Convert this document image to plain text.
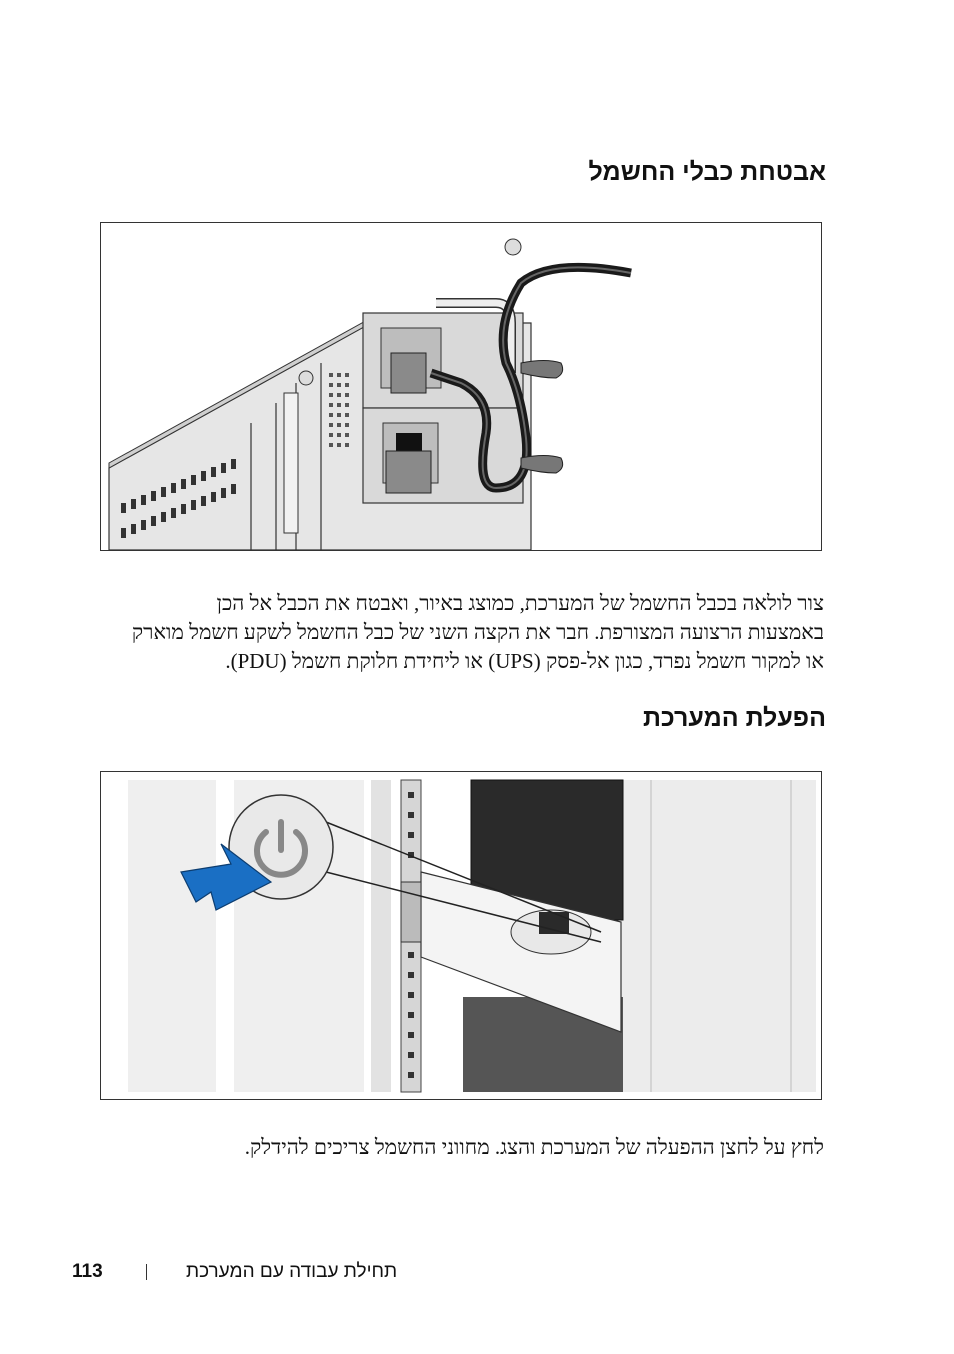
אבטחת כבלי החשמל

צור לולאה בכבל החשמל של המערכת, כמוצג באיור, ואבטח את הכבל אל הכן
באמצעות הרצועה המצורפת. חבר את הקצה השני של כבל החשמל לשקע חשמל מוארק
או למקור חשמל נפרד, כגון אל-פסק (UPS) או ליחידת חלוקת חשמל (PDU).

הפעלת המערכת

לחץ על לחצן ההפעלה של המערכת והצג. מחווני החשמל צריכים להידלק.

113	תחילת עבודה עם המערכת
